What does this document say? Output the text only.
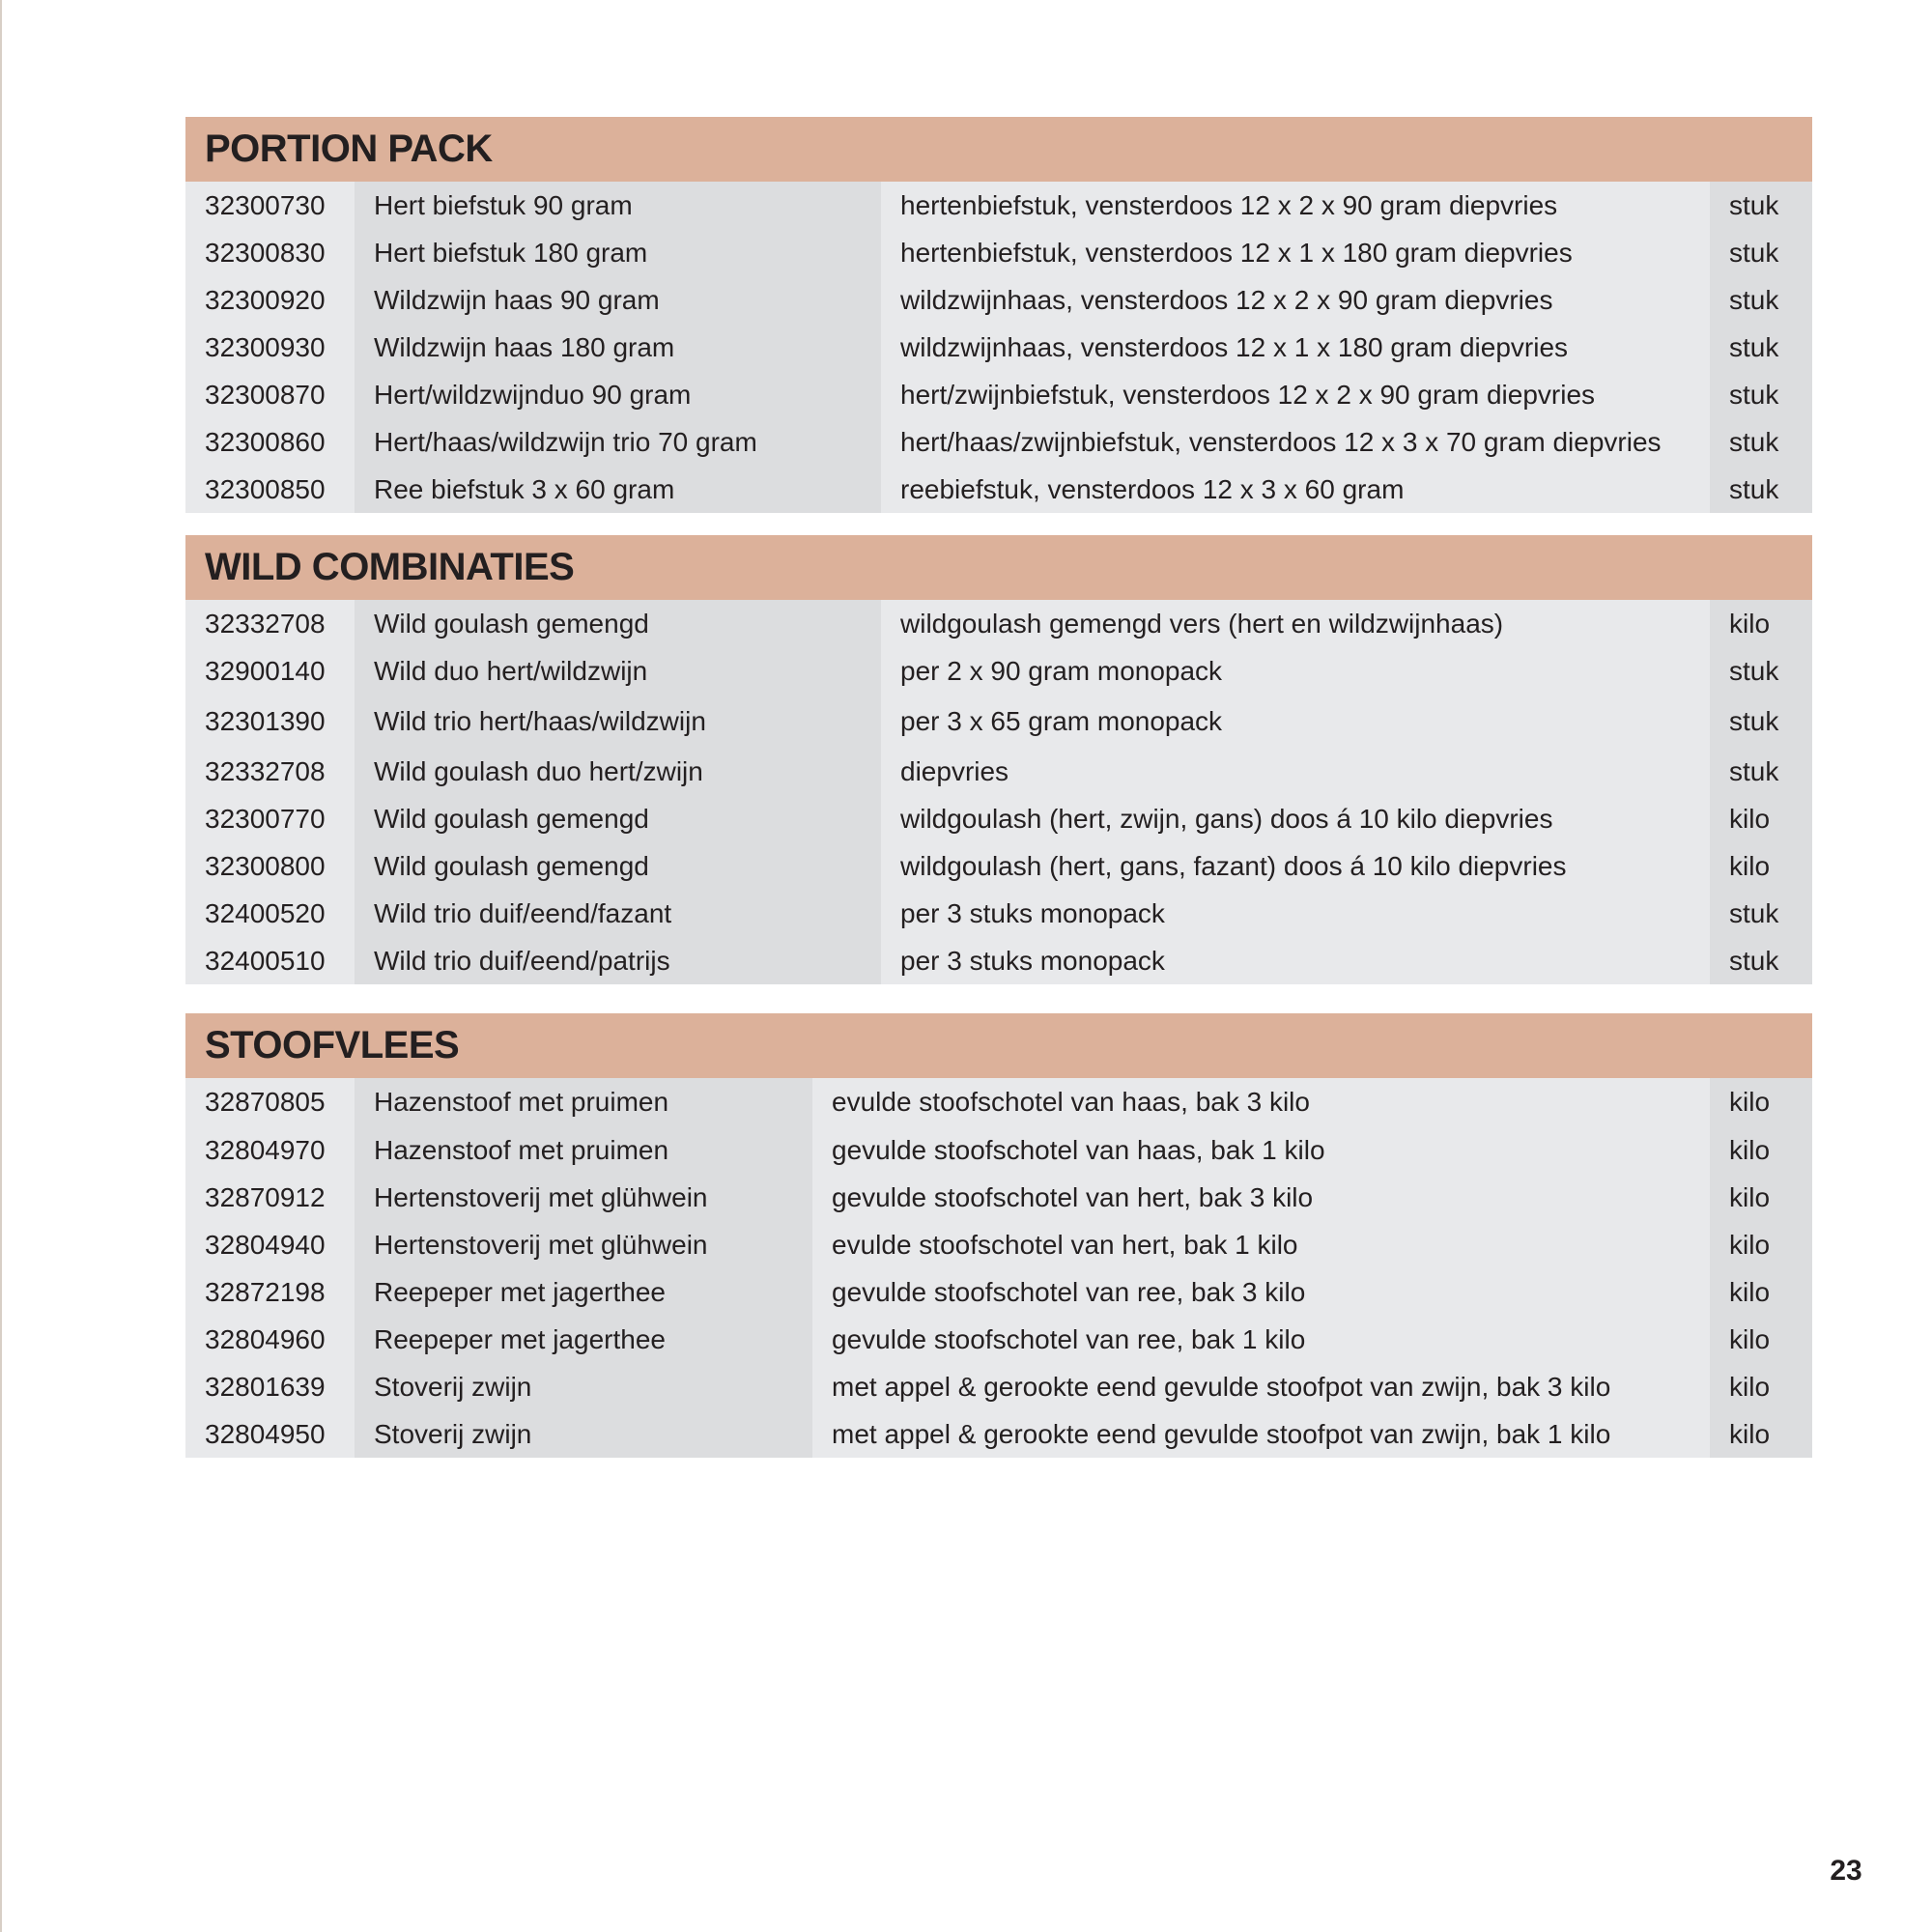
PORTION PACK
32300730	Hert biefstuk 90 gram	hertenbiefstuk, vensterdoos 12 x 2 x 90 gram diepvries	stuk
32300830	Hert biefstuk 180 gram	hertenbiefstuk, vensterdoos 12 x 1 x 180 gram diepvries	stuk
32300920	Wildzwijn haas 90 gram	wildzwijnhaas, vensterdoos 12 x 2 x 90 gram diepvries	stuk
32300930	Wildzwijn haas 180 gram	wildzwijnhaas, vensterdoos 12 x 1 x 180 gram diepvries	stuk
32300870	Hert/wildzwijnduo 90 gram	hert/zwijnbiefstuk, vensterdoos 12 x 2 x 90 gram diepvries	stuk
32300860	Hert/haas/wildzwijn trio 70 gram	hert/haas/zwijnbiefstuk, vensterdoos 12 x 3 x 70 gram diepvries	stuk
32300850	Ree biefstuk 3 x 60 gram	reebiefstuk, vensterdoos 12 x 3 x 60 gram	stuk
WILD COMBINATIES
32332708	Wild goulash gemengd	wildgoulash gemengd vers (hert en wildzwijnhaas)	kilo
32900140	Wild duo hert/wildzwijn	per 2 x 90 gram monopack	stuk
32301390	Wild trio hert/haas/wildzwijn	per 3 x 65 gram monopack	stuk
32332708	Wild goulash duo hert/zwijn	diepvries	stuk
32300770	Wild goulash gemengd	wildgoulash (hert, zwijn, gans) doos á 10 kilo diepvries	kilo
32300800	Wild goulash gemengd	wildgoulash (hert, gans, fazant) doos á 10 kilo diepvries	kilo
32400520	Wild trio duif/eend/fazant	per 3 stuks monopack	stuk
32400510	Wild trio duif/eend/patrijs	per 3 stuks monopack	stuk
STOOFVLEES
32870805	Hazenstoof met pruimen	evulde stoofschotel van haas, bak 3 kilo	kilo
32804970	Hazenstoof met pruimen	gevulde stoofschotel van haas, bak 1 kilo	kilo
32870912	Hertenstoverij met glühwein	gevulde stoofschotel van hert, bak 3 kilo	kilo
32804940	Hertenstoverij met glühwein	evulde stoofschotel van hert, bak 1 kilo	kilo
32872198	Reepeper met jagerthee	gevulde stoofschotel van ree, bak 3 kilo	kilo
32804960	Reepeper met jagerthee	gevulde stoofschotel van ree, bak 1 kilo	kilo
32801639	Stoverij zwijn	met appel & gerookte eend gevulde stoofpot van zwijn, bak 3 kilo	kilo
32804950	Stoverij zwijn	met appel & gerookte eend gevulde stoofpot van zwijn, bak 1 kilo	kilo
23
